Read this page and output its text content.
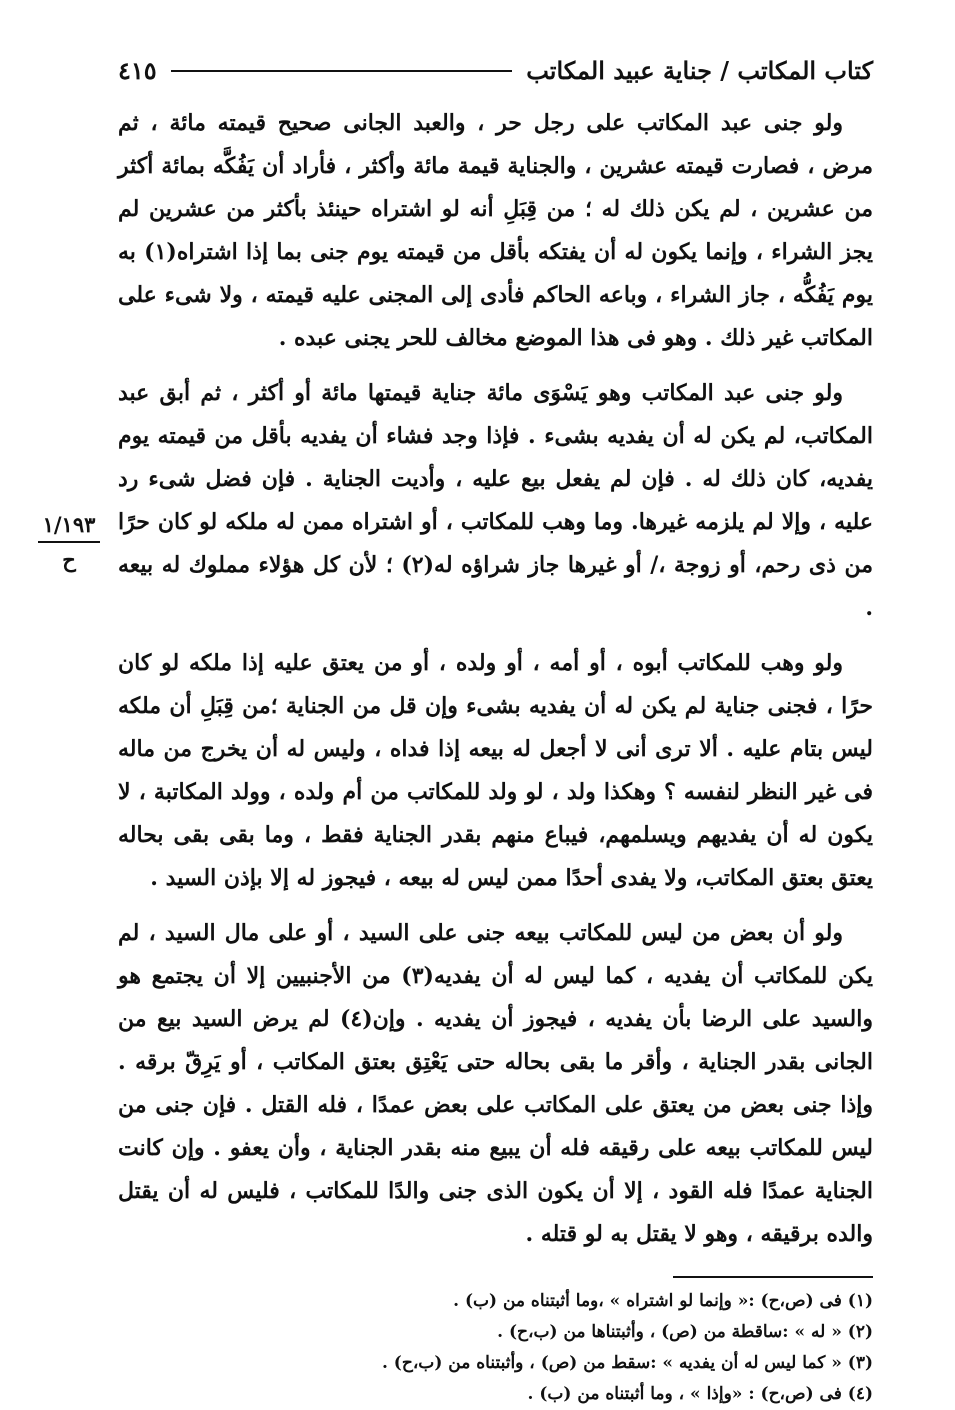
كتاب المكاتب / جناية عبيد المكاتب
٤١٥

ولو جنى عبد المكاتب على رجل حر ، والعبد الجانى صحيح قيمته مائة ، ثم مرض ، فصارت قيمته عشرين ، والجناية قيمة مائة وأكثر ، فأراد أن يَفُكَّه بمائة أكثر من عشرين ، لم يكن ذلك له ؛ من قِبَلِ أنه لو اشتراه حينئذ بأكثر من عشرين لم يجز الشراء ، وإنما يكون له أن يفتكه بأقل من قيمته يوم جنى بما إذا اشتراه(١) به يوم يَفُكُّه ، جاز الشراء ، وباعه الحاكم فأدى إلى المجنى عليه قيمته ، ولا شىء على المكاتب غير ذلك . وهو فى هذا الموضع مخالف للحر يجنى عبده .

ولو جنى عبد المكاتب وهو يَسْوَى مائة جناية قيمتها مائة أو أكثر ، ثم أبق عبد المكاتب، لم يكن له أن يفديه بشىء . فإذا وجد فشاء أن يفديه بأقل من قيمته يوم يفديه، كان ذلك له . فإن لم يفعل بيع عليه ، وأديت الجناية . فإن فضل شىء رد عليه ، وإلا لم يلزمه غيرها. وما وهب للمكاتب ، أو اشتراه ممن له ملكه لو كان حرًا من ذى رحم، أو زوجة ،/ أو غيرها جاز شراؤه له(٢) ؛ لأن كل هؤلاء مملوك له بيعه .

ولو وهب للمكاتب أبوه ، أو أمه ، أو ولده ، أو من يعتق عليه إذا ملكه لو كان حرًا ، فجنى جناية لم يكن له أن يفديه بشىء وإن قل من الجناية ؛من قِبَلِ أن ملكه ليس بتام عليه . ألا ترى أنى لا أجعل له بيعه إذا فداه ، وليس له أن يخرج من ماله فى غير النظر لنفسه ؟ وهكذا ولد ، لو ولد للمكاتب من أم ولده ، وولد المكاتبة ، لا يكون له أن يفديهم ويسلمهم، فيباع منهم بقدر الجناية فقط ، وما بقى بقى بحاله يعتق بعتق المكاتب، ولا يفدى أحدًا ممن ليس له بيعه ، فيجوز له إلا بإذن السيد .

ولو أن بعض من ليس للمكاتب بيعه جنى على السيد ، أو على مال السيد ، لم يكن للمكاتب أن يفديه ، كما ليس له أن يفديه(٣) من الأجنبيين إلا أن يجتمع هو والسيد على الرضا بأن يفديه ، فيجوز أن يفديه . وإن(٤) لم يرض السيد بيع من الجانى بقدر الجناية ، وأقر ما بقى بحاله حتى يَعْتِق بعتق المكاتب ، أو يَرِقّ برقه . وإذا جنى بعض من يعتق على المكاتب على بعض عمدًا ، فله القتل . فإن جنى من ليس للمكاتب بيعه على رقيقه فله أن يبيع منه بقدر الجناية ، وأن يعفو . وإن كانت الجناية عمدًا فله القود ، إلا أن يكون الذى جنى والدًا للمكاتب ، فليس له أن يقتل والده برقيقه ، وهو لا يقتل به لو قتله .

(١) فى (ص،ح) :« وإنما لو اشتراه » ،وما أثبتناه من (ب) .
(٢) « له » :ساقطة من (ص) ، وأثبتناها من (ب،ح) .
(٣) « كما ليس له أن يفديه » :سقط من (ص) ، وأثبتناه من (ب،ح) .
(٤) فى (ص،ح) : «وإذا » ، وما أثبتناه من (ب) .
١/١٩٣
ح
